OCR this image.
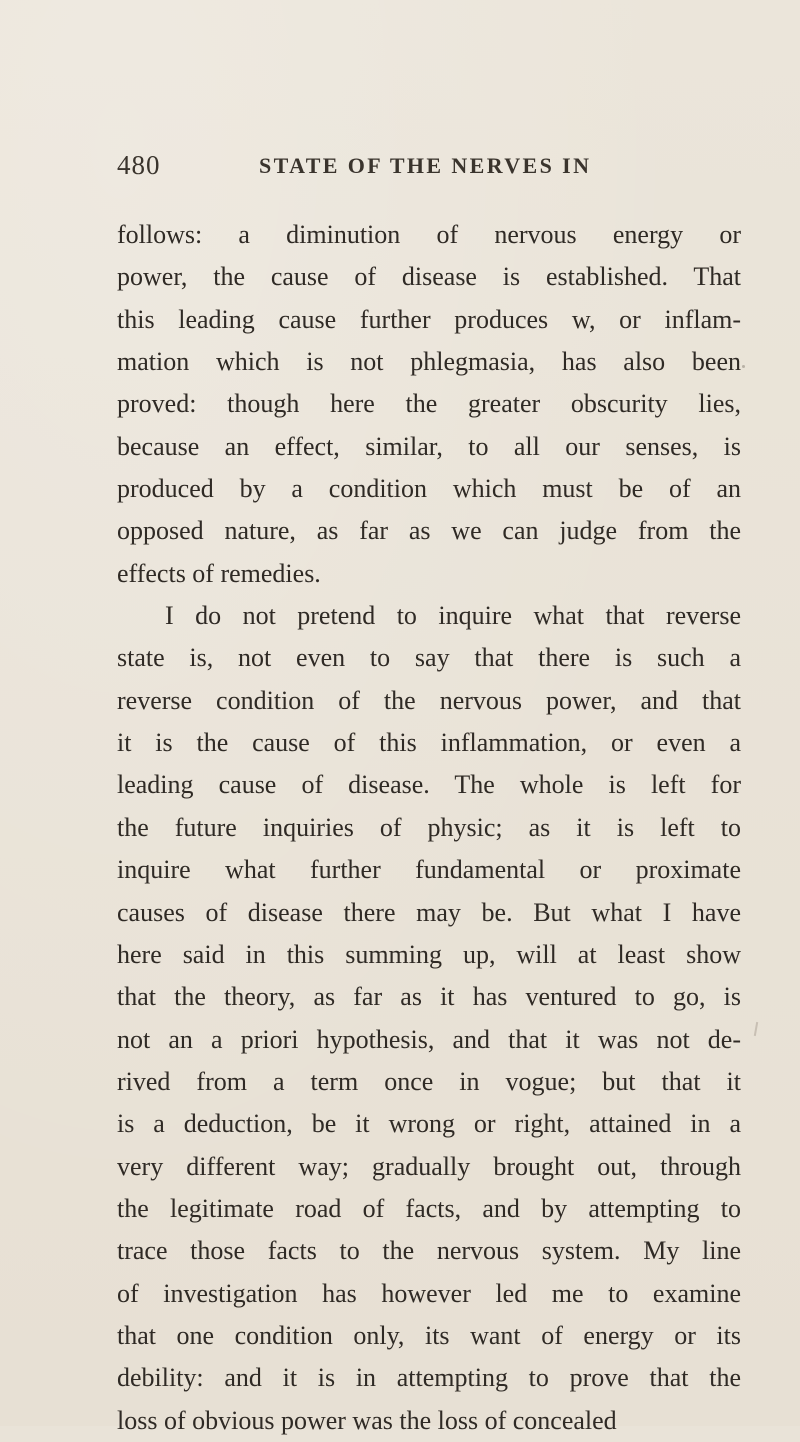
480	STATE OF THE NERVES IN
follows: a diminution of nervous energy or
power, the cause of disease is established. That
this leading cause further produces w, or inflam-
mation which is not phlegmasia, has also been
proved: though here the greater obscurity lies,
because an effect, similar, to all our senses, is
produced by a condition which must be of an
opposed nature, as far as we can judge from the
effects of remedies.
I do not pretend to inquire what that reverse
state is, not even to say that there is such a
reverse condition of the nervous power, and that
it is the cause of this inflammation, or even a
leading cause of disease. The whole is left for
the future inquiries of physic; as it is left to
inquire what further fundamental or proximate
causes of disease there may be. But what I have
here said in this summing up, will at least show
that the theory, as far as it has ventured to go, is
not an a priori hypothesis, and that it was not de-
rived from a term once in vogue; but that it
is a deduction, be it wrong or right, attained in a
very different way; gradually brought out, through
the legitimate road of facts, and by attempting to
trace those facts to the nervous system. My line
of investigation has however led me to examine
that one condition only, its want of energy or its
debility: and it is in attempting to prove that the
loss of obvious power was the loss of concealed
